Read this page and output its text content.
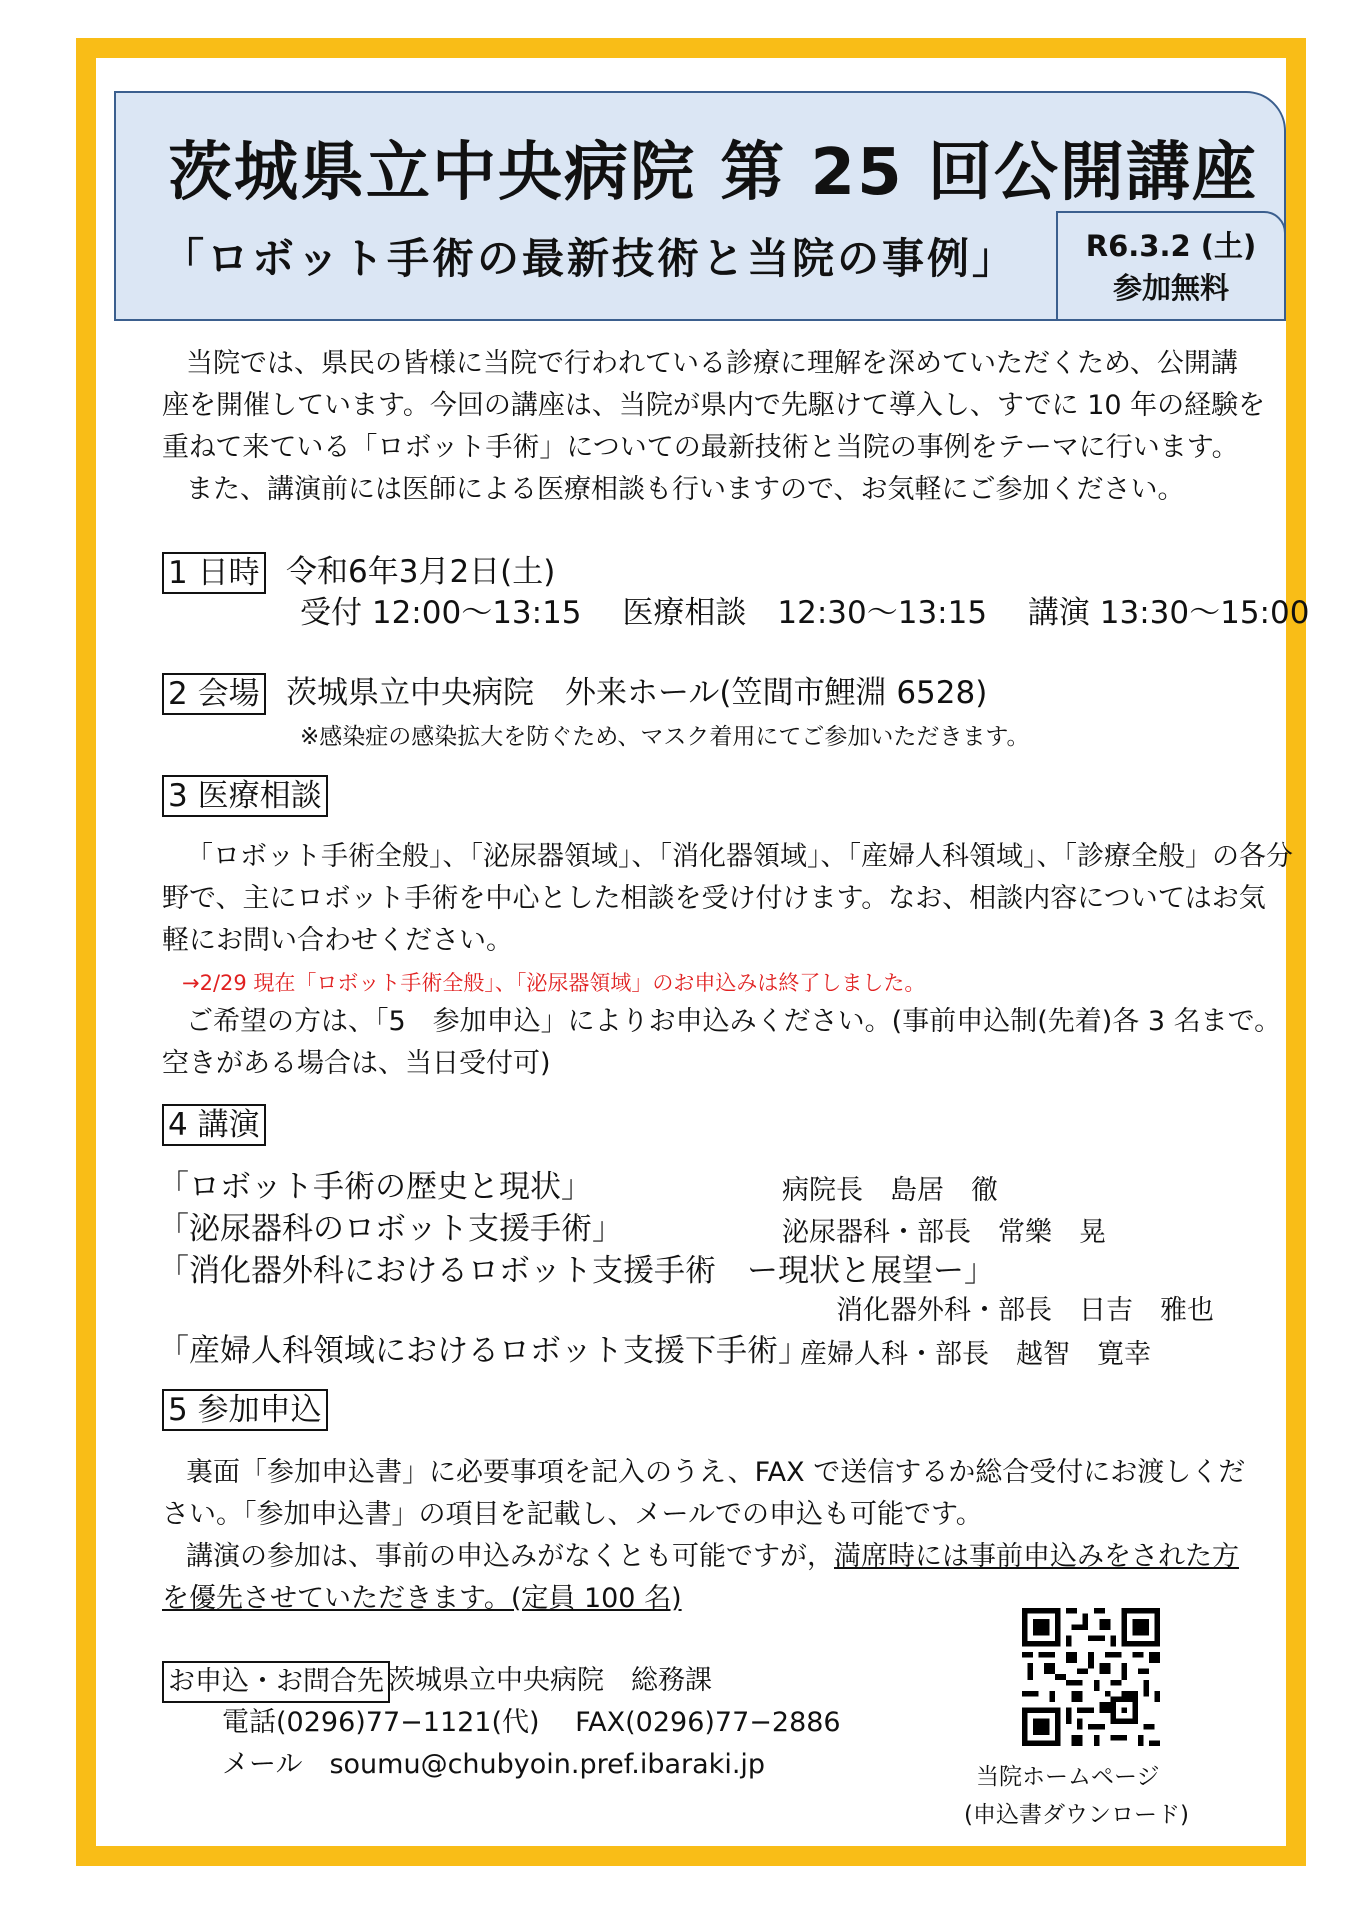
茨城県立中央病院 第 25 回公開講座
「ロボット手術の最新技術と当院の事例」	R6.3.2 (土)
参加無料
当院では、県民の皆様に当院で行われている診療に理解を深めていただくため、公開講
座を開催しています。今回の講座は、当院が県内で先駆けて導入し、すでに 10 年の経験を
重ねて来ている「ロボット手術」についての最新技術と当院の事例をテーマに行います。
また、講演前には医師による医療相談も行いますので、お気軽にご参加ください。
1 日時 令和6年3月2日(土)
受付 12:00〜13:15　 医療相談　12:30〜13:15　 講演 13:30〜15:00
2 会場 茨城県立中央病院　外来ホール(笠間市鯉淵 6528)
※感染症の感染拡大を防ぐため、マスク着用にてご参加いただきます。
3 医療相談
「ロボット手術全般」、「泌尿器領域」、「消化器領域」、「産婦人科領域」、「診療全般」の各分
野で、主にロボット手術を中心とした相談を受け付けます。なお、相談内容についてはお気
軽にお問い合わせください。
→2/29 現在「ロボット手術全般」、「泌尿器領域」のお申込みは終了しました。
ご希望の方は、「5　参加申込」によりお申込みください。(事前申込制(先着)各 3 名まで。
空きがある場合は、当日受付可)
4 講演
「ロボット手術の歴史と現状」	病院長　島居　徹
「泌尿器科のロボット支援手術」	泌尿器科・部長　常樂　晃
「消化器外科におけるロボット支援手術　ー現状と展望ー」
消化器外科・部長　日吉　雅也
「産婦人科領域におけるロボット支援下手術」
産婦人科・部長　越智　寛幸
5 参加申込
裏面「参加申込書」に必要事項を記入のうえ、FAX で送信するか総合受付にお渡しくだ
さい。「参加申込書」の項目を記載し、メールでの申込も可能です。
講演の参加は、事前の申込みがなくとも可能ですが，満席時には事前申込みをされた方
を優先させていただきます。(定員 100 名)
お申込・お問合先 茨城県立中央病院　総務課
電話(0296)77−1121(代)　 FAX(0296)77−2886
メール　soumu@chubyoin.pref.ibaraki.jp	当院ホームページ
(申込書ダウンロード)
